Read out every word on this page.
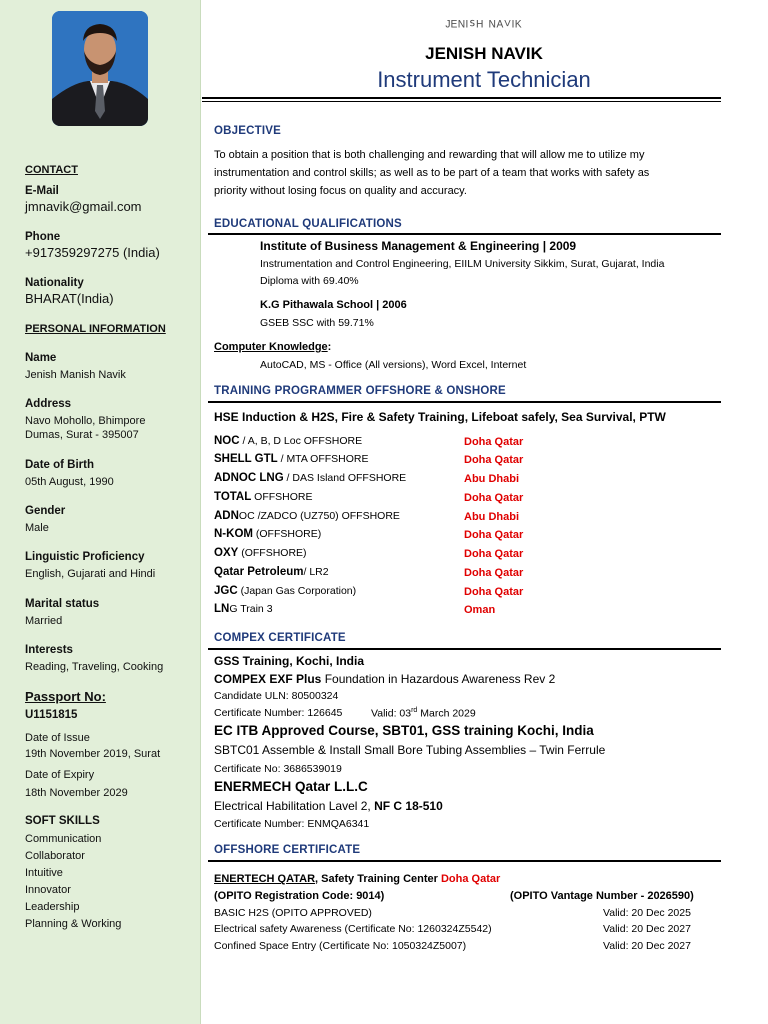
CONTACT
E-Mail
jmnavik@gmail.com
Phone
+917359297275 (India)
Nationality
BHARAT(India)
PERSONAL INFORMATION
Name
Jenish Manish Navik
Address
Navo Mohollo, Bhimpore
Dumas, Surat - 395007
Date of Birth
05th August, 1990
Gender
Male
Linguistic Proficiency
English, Gujarati and Hindi
Marital status
Married
Interests
Reading, Traveling, Cooking
Passport No:
U1151815
Date of Issue
19th November 2019, Surat
Date of Expiry
18th November 2029
SOFT SKILLS
Communication
Collaborator
Intuitive
Innovator
Leadership
Planning & Working
ᴶᴱᴺᴵᔆᴴ ᴺᴬⱽᴵᴷ
JENISH NAVIK
Instrument Technician
OBJECTIVE
To obtain a position that is both challenging and rewarding that will allow me to utilize my
instrumentation and control skills; as well as to be part of a team that works with safety as
priority without losing focus on quality and accuracy.
EDUCATIONAL QUALIFICATIONS
Institute of Business Management & Engineering | 2009
Instrumentation and Control Engineering, EIILM University Sikkim, Surat, Gujarat, India
Diploma with 69.40%
K.G Pithawala School | 2006
GSEB SSC with 59.71%
Computer Knowledge:
AutoCAD, MS - Office (All versions), Word Excel, Internet
TRAINING PROGRAMMER OFFSHORE & ONSHORE
HSE Induction & H2S, Fire & Safety Training, Lifeboat safely, Sea Survival, PTW
NOC / A, B, D Loc OFFSHORE	Doha Qatar
SHELL GTL / MTA OFFSHORE	Doha Qatar
ADNOC LNG / DAS Island OFFSHORE	Abu Dhabi
TOTAL OFFSHORE	Doha Qatar
ADNOC /ZADCO (UZ750) OFFSHORE	Abu Dhabi
N-KOM (OFFSHORE)	Doha Qatar
OXY (OFFSHORE)	Doha Qatar
Qatar Petroleum/ LR2	Doha Qatar
JGC (Japan Gas Corporation)	Doha Qatar
LNG Train 3	Oman
COMPEX CERTIFICATE
GSS Training, Kochi, India
COMPEX EXF Plus Foundation in Hazardous Awareness Rev 2
Candidate ULN: 80500324
Certificate Number: 126645	Valid: 03rd March 2029
EC ITB Approved Course, SBT01, GSS training Kochi, India
SBTC01 Assemble & Install Small Bore Tubing Assemblies – Twin Ferrule
Certificate No: 3686539019
ENERMECH Qatar L.L.C
Electrical Habilitation Lavel 2, NF C 18-510
Certificate Number: ENMQA6341
OFFSHORE CERTIFICATE
ENERTECH QATAR, Safety Training Center Doha Qatar
(OPITO Registration Code: 9014)	(OPITO Vantage Number - 2026590)
BASIC H2S (OPITO APPROVED)	Valid: 20 Dec 2025
Electrical safety Awareness (Certificate No: 1260324Z5542)	Valid: 20 Dec 2027
Confined Space Entry (Certificate No: 1050324Z5007)	Valid: 20 Dec 2027
